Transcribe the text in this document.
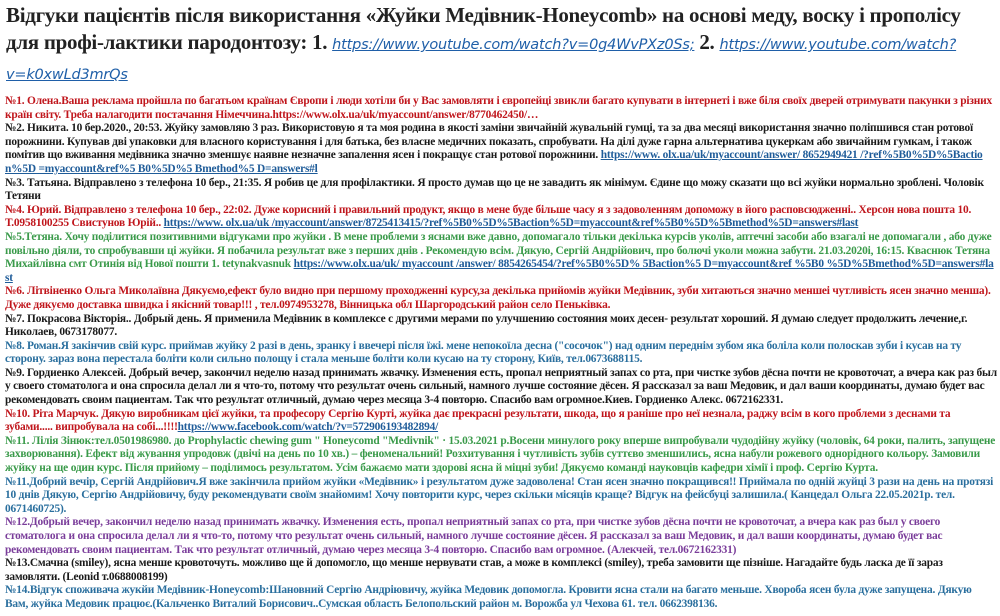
Відгуки пацієнтів після використання «Жуйки Медівник-Honeycomb» на основі меду, воску і прополісу для профі-лактики пародонтозу: 1. https://www.youtube.com/watch?v=0g4WvPXz0Ss; 2. https://www.youtube.com/watch?v=k0xwLd3mrQs

№1. Олена.Ваша реклама пройшла по багатьом країнам Європи і люди хотіли би у Вас замовляти і європейці звикли багато купувати в інтернеті і вже біля своїх дверей отримувати пакунки з різних країн світу. Треба налагодити постачання Німеччина.https://www.olx.ua/uk/myaccount/answer/8770462450/…

№2. Никита. 10 бер.2020., 20:53. Жуйку замовляю 3 раз. Використовую я та моя родина в якості заміни звичайній жувальній гумці, та за два месяці використання значно поліпшився стан ротової порожнини. Купував дві упаковки для власного користування і для батька, без власне медичних показать, спробувати. На ділі дуже гарна альтернатива цукеркам або звичайним гумкам, і також помітив що вживання медівника значно зменшує наявне незначне запалення ясен і покращує стан ротової порожнини. https://www. olx.ua/uk/myaccount/answer/ 8652949421 /?ref%5B0%5D%5Baction%5D =myaccount&ref%5 B0%5D%5 Bmethod%5 D=answers#l

№3. Татьяна. Відправлено з телефона 10 бер., 21:35. Я робив це для профілактики. Я просто думав що це не завадить як мінімум. Єдине що можу сказати що всі жуйки нормально зроблені. Чоловік Тетяни

№4. Юрий. Відправлено з телефона 10 бер., 22:02. Дуже корисний і правильний продукт, якщо в мене буде більше часу я з задоволенням допоможу в його расповсюдженні.. Херсон нова пошта 10. Т.0958100255 Свистунов Юрій.. https://www. olx.ua/uk /myaccount/answer/8725413415/?ref%5B0%5D%5Baction%5D=myaccount&ref%5B0%5D%5Bmethod%5D=answers#last

№5.Тетяна. Хочу поділитися позитивними відгуками про жуйки . В мене проблеми з яснами вже давно, допомагало тільки декілька курсів уколів, аптечні засоби або взагалі не допомагали , або дуже повільно діяли, то спробувавши ці жуйки. Я побачила результат вже з перших днів . Рекомендую всім. Дякую, Сергій Андрійович, про болючі уколи можна забути. 21.03.2020і, 16:15. Кваснюк Тетяна Михайлівна смт Отинія від Нової пошти 1. tetynakvasnuk https://www.olx.ua/uk/ myaccount /answer/ 8854265454/?ref%5B0%5D% 5Baction%5 D=myaccount&ref %5B0 %5D%5Bmethod%5D=answers#last

№6. Літвіненко Ольга Миколаївна Дякуємо,ефект було видно при першому проходженні курсу,за декілька прийомів жуйки Медівник, зуби хитаються значно меншеі чутливість ясен значно менша). Дуже дякуємо доставка швидка і якісний товар!!! , тел.0974953278, Вінницька обл Шаргородський район село Пеньківка.

№7. Покрасова Вікторія.. Добрый день. Я применила Медівник в комплексе с другими мерами по улучшению состояния моих десен- результат хороший. Я думаю следует продолжить лечение,г. Николаев, 0673178077.

№8. Роман.Я закінчив свій курс. приймав жуйку 2 разі в день, зранку і ввечері після їжі. мене непокоїла десна ("сосочок") над одним переднім зубом яка боліла коли полоскав зуби і кусав на ту сторону. зараз вона перестала боліти коли сильно полощу і стала меньше боліти коли кусаю на ту сторону, Київ, тел.0673688115.

№9. Гордиенко Алексей. Добрый вечер, закончил неделю назад принимать жвачку. Изменения есть, пропал неприятный запах со рта, при чистке зубов дёсна почти не кровоточат, а вчера как раз был у своего стоматолога и она спросила делал ли я что-то, потому что результат очень сильный, намного лучше состояние дёсен. Я рассказал за ваш Медовик, и дал ваши координаты, думаю будет вас рекомендовать своим пациентам. Так что результат отличный, думаю через месяца 3-4 повторю. Спасибо вам огромное.Киев. Гордиенко Алекс. 0672162331.

№10. Ріта Марчук. Дякую виробникам цієї жуйки, та професору Сергію Курті, жуйка дає прекрасні результати, шкода, що я раніше про неї незнала, раджу всім в кого проблеми з деснами та зубами..... випробувала на собі...!!!!https://www.facebook.com/watch/?v=572906193482894/

№11. Лілія Зінюк:тел.0501986980. до Prophylactic chewing gum " Honeycomd "Medivnik" · 15.03.2021 р.Восени минулого року вперше випробували чудодійну жуйку (чоловік, 64 роки, палить, запущене захворювання). Ефект від жування упродовж (двічі на день по 10 хв.) – феноменальний! Розхитування і чутливість зубів суттєво зменшились, ясна набули рожевого однорідного кольору. Замовили жуйку на ще один курс. Після прийому – поділимось результатом. Усім бажаємо мати здорові ясна й міцні зуби! Дякуємо команді науковців кафедри хімії і проф. Сергію Курта.

№11.Добрий вечір, Сергій Андрійович.Я вже закінчила прийом жуйки «Медівник» і результатом дуже задоволена! Стан ясен значно покращився!! Приймала по одній жуйці 3 рази на день на протязі 10 днів Дякую, Сергію Андрійовичу, буду рекомендувати своїм знайомим! Хочу повторити курс, через скільки місяців краще? Відгук на фейсбуці залишила.( Канцедал Ольга 22.05.2021р. тел. 0671460725).

№12.Добрый вечер, закончил неделю назад принимать жвачку. Изменения есть, пропал неприятный запах со рта, при чистке зубов дёсна почти не кровоточат, а вчера как раз был у своего стоматолога и она спросила делал ли я что-то, потому что результат очень сильный, намного лучше состояние дёсен. Я рассказал за ваш Медовик, и дал ваши координаты, думаю будет вас рекомендовать своим пациентам. Так что результат отличный, думаю через месяца 3-4 повторю. Спасибо вам огромное. (Алекчей, тел.0672162331)

№13.Смачна (smiley), ясна менше кровоточуть. можливо ще й допомогло, що менше нервувати став, а може в комплексі (smiley), треба замовити ще пізніше. Нагадайте будь ласка де її зараз замовляти. (Leonid т.0688008199)

№14.Відгук споживача жукйи Медівник-Honeycomb:Шановний Сергію Андріювичу, жуйка Медовик допомогла. Кровити ясна стали на багато меньше. Хвороба ясен була дуже запущена. Дякую Вам, жуйка Медовик працює.(Кальченко Виталий Борисович..Сумская область Белопольский район м. Ворожба ул Чехова 61. тел. 0662398136.
